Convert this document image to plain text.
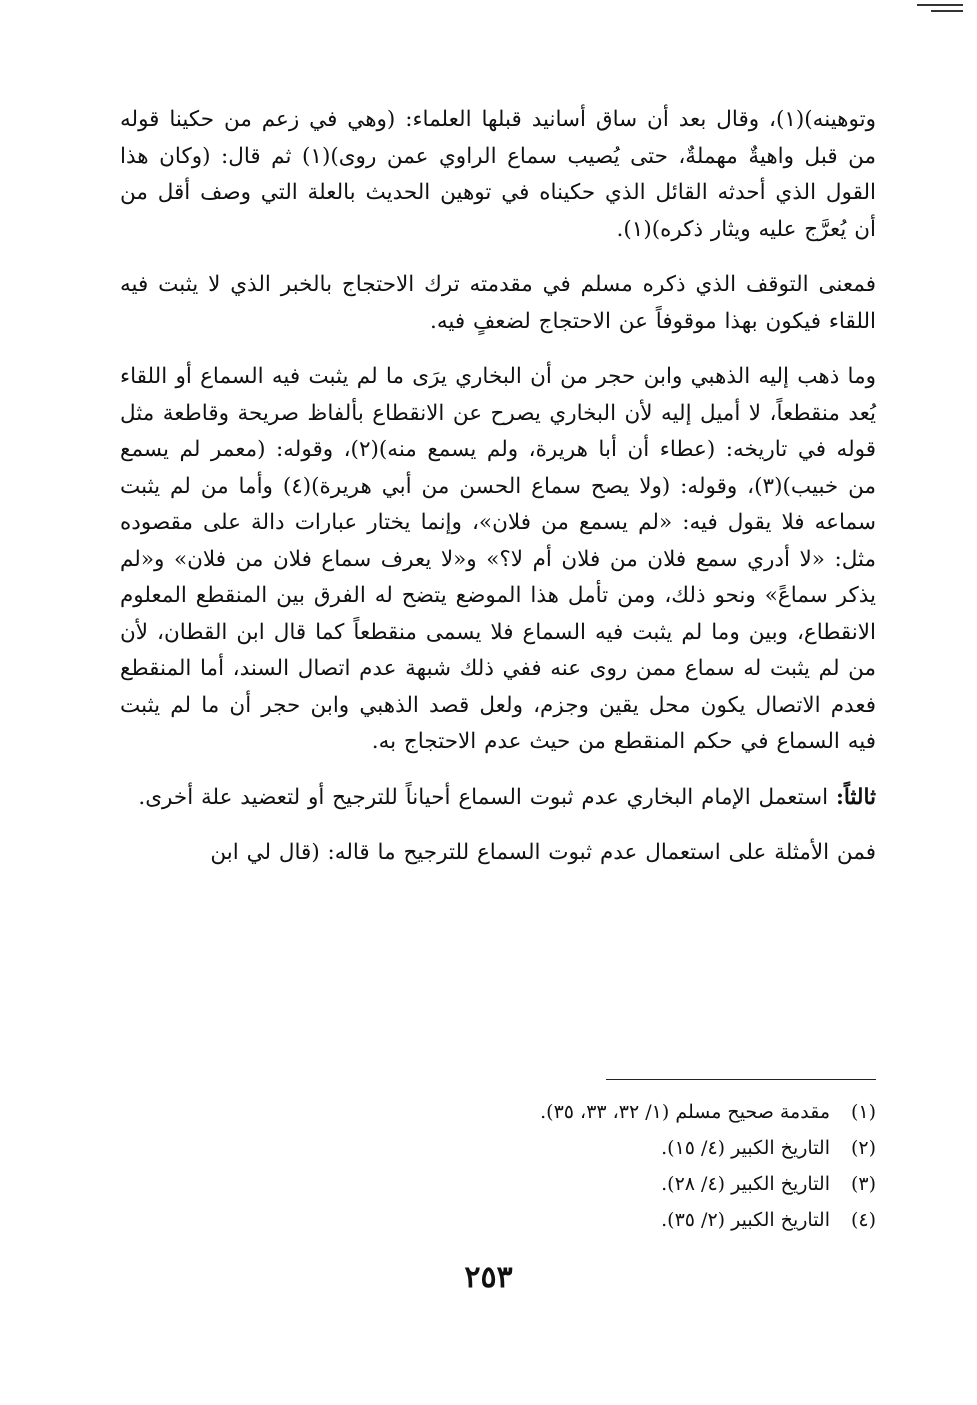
وتوهينه)(١)، وقال بعد أن ساق أسانيد قبلها العلماء: (وهي في زعم من حكينا قوله من قبل واهيةٌ مهملةٌ، حتى يُصيب سماع الراوي عمن روى)(١) ثم قال: (وكان هذا القول الذي أحدثه القائل الذي حكيناه في توهين الحديث بالعلة التي وصف أقل من أن يُعرَّج عليه ويثار ذكره)(١).

فمعنى التوقف الذي ذكره مسلم في مقدمته ترك الاحتجاج بالخبر الذي لا يثبت فيه اللقاء فيكون بهذا موقوفاً عن الاحتجاج لضعفٍ فيه.

وما ذهب إليه الذهبي وابن حجر من أن البخاري يرَى ما لم يثبت فيه السماع أو اللقاء يُعد منقطعاً، لا أميل إليه لأن البخاري يصرح عن الانقطاع بألفاظ صريحة وقاطعة مثل قوله في تاريخه: (عطاء أن أبا هريرة، ولم يسمع منه)(٢)، وقوله: (معمر لم يسمع من خبيب)(٣)، وقوله: (ولا يصح سماع الحسن من أبي هريرة)(٤) وأما من لم يثبت سماعه فلا يقول فيه: «لم يسمع من فلان»، وإنما يختار عبارات دالة على مقصوده مثل: «لا أدري سمع فلان من فلان أم لا؟» و«لا يعرف سماع فلان من فلان» و«لم يذكر سماعً» ونحو ذلك، ومن تأمل هذا الموضع يتضح له الفرق بين المنقطع المعلوم الانقطاع، وبين وما لم يثبت فيه السماع فلا يسمى منقطعاً كما قال ابن القطان، لأن من لم يثبت له سماع ممن روى عنه ففي ذلك شبهة عدم اتصال السند، أما المنقطع فعدم الاتصال يكون محل يقين وجزم، ولعل قصد الذهبي وابن حجر أن ما لم يثبت فيه السماع في حكم المنقطع من حيث عدم الاحتجاج به.

ثالثاً: استعمل الإمام البخاري عدم ثبوت السماع أحياناً للترجيح أو لتعضيد علة أخرى.

فمن الأمثلة على استعمال عدم ثبوت السماع للترجيح ما قاله: (قال لي ابن

(١)مقدمة صحيح مسلم (١/ ٣٢، ٣٣، ٣٥).
(٢)التاريخ الكبير (٤/ ١٥).
(٣)التاريخ الكبير (٤/ ٢٨).
(٤)التاريخ الكبير (٢/ ٣٥).
٢٥٣
